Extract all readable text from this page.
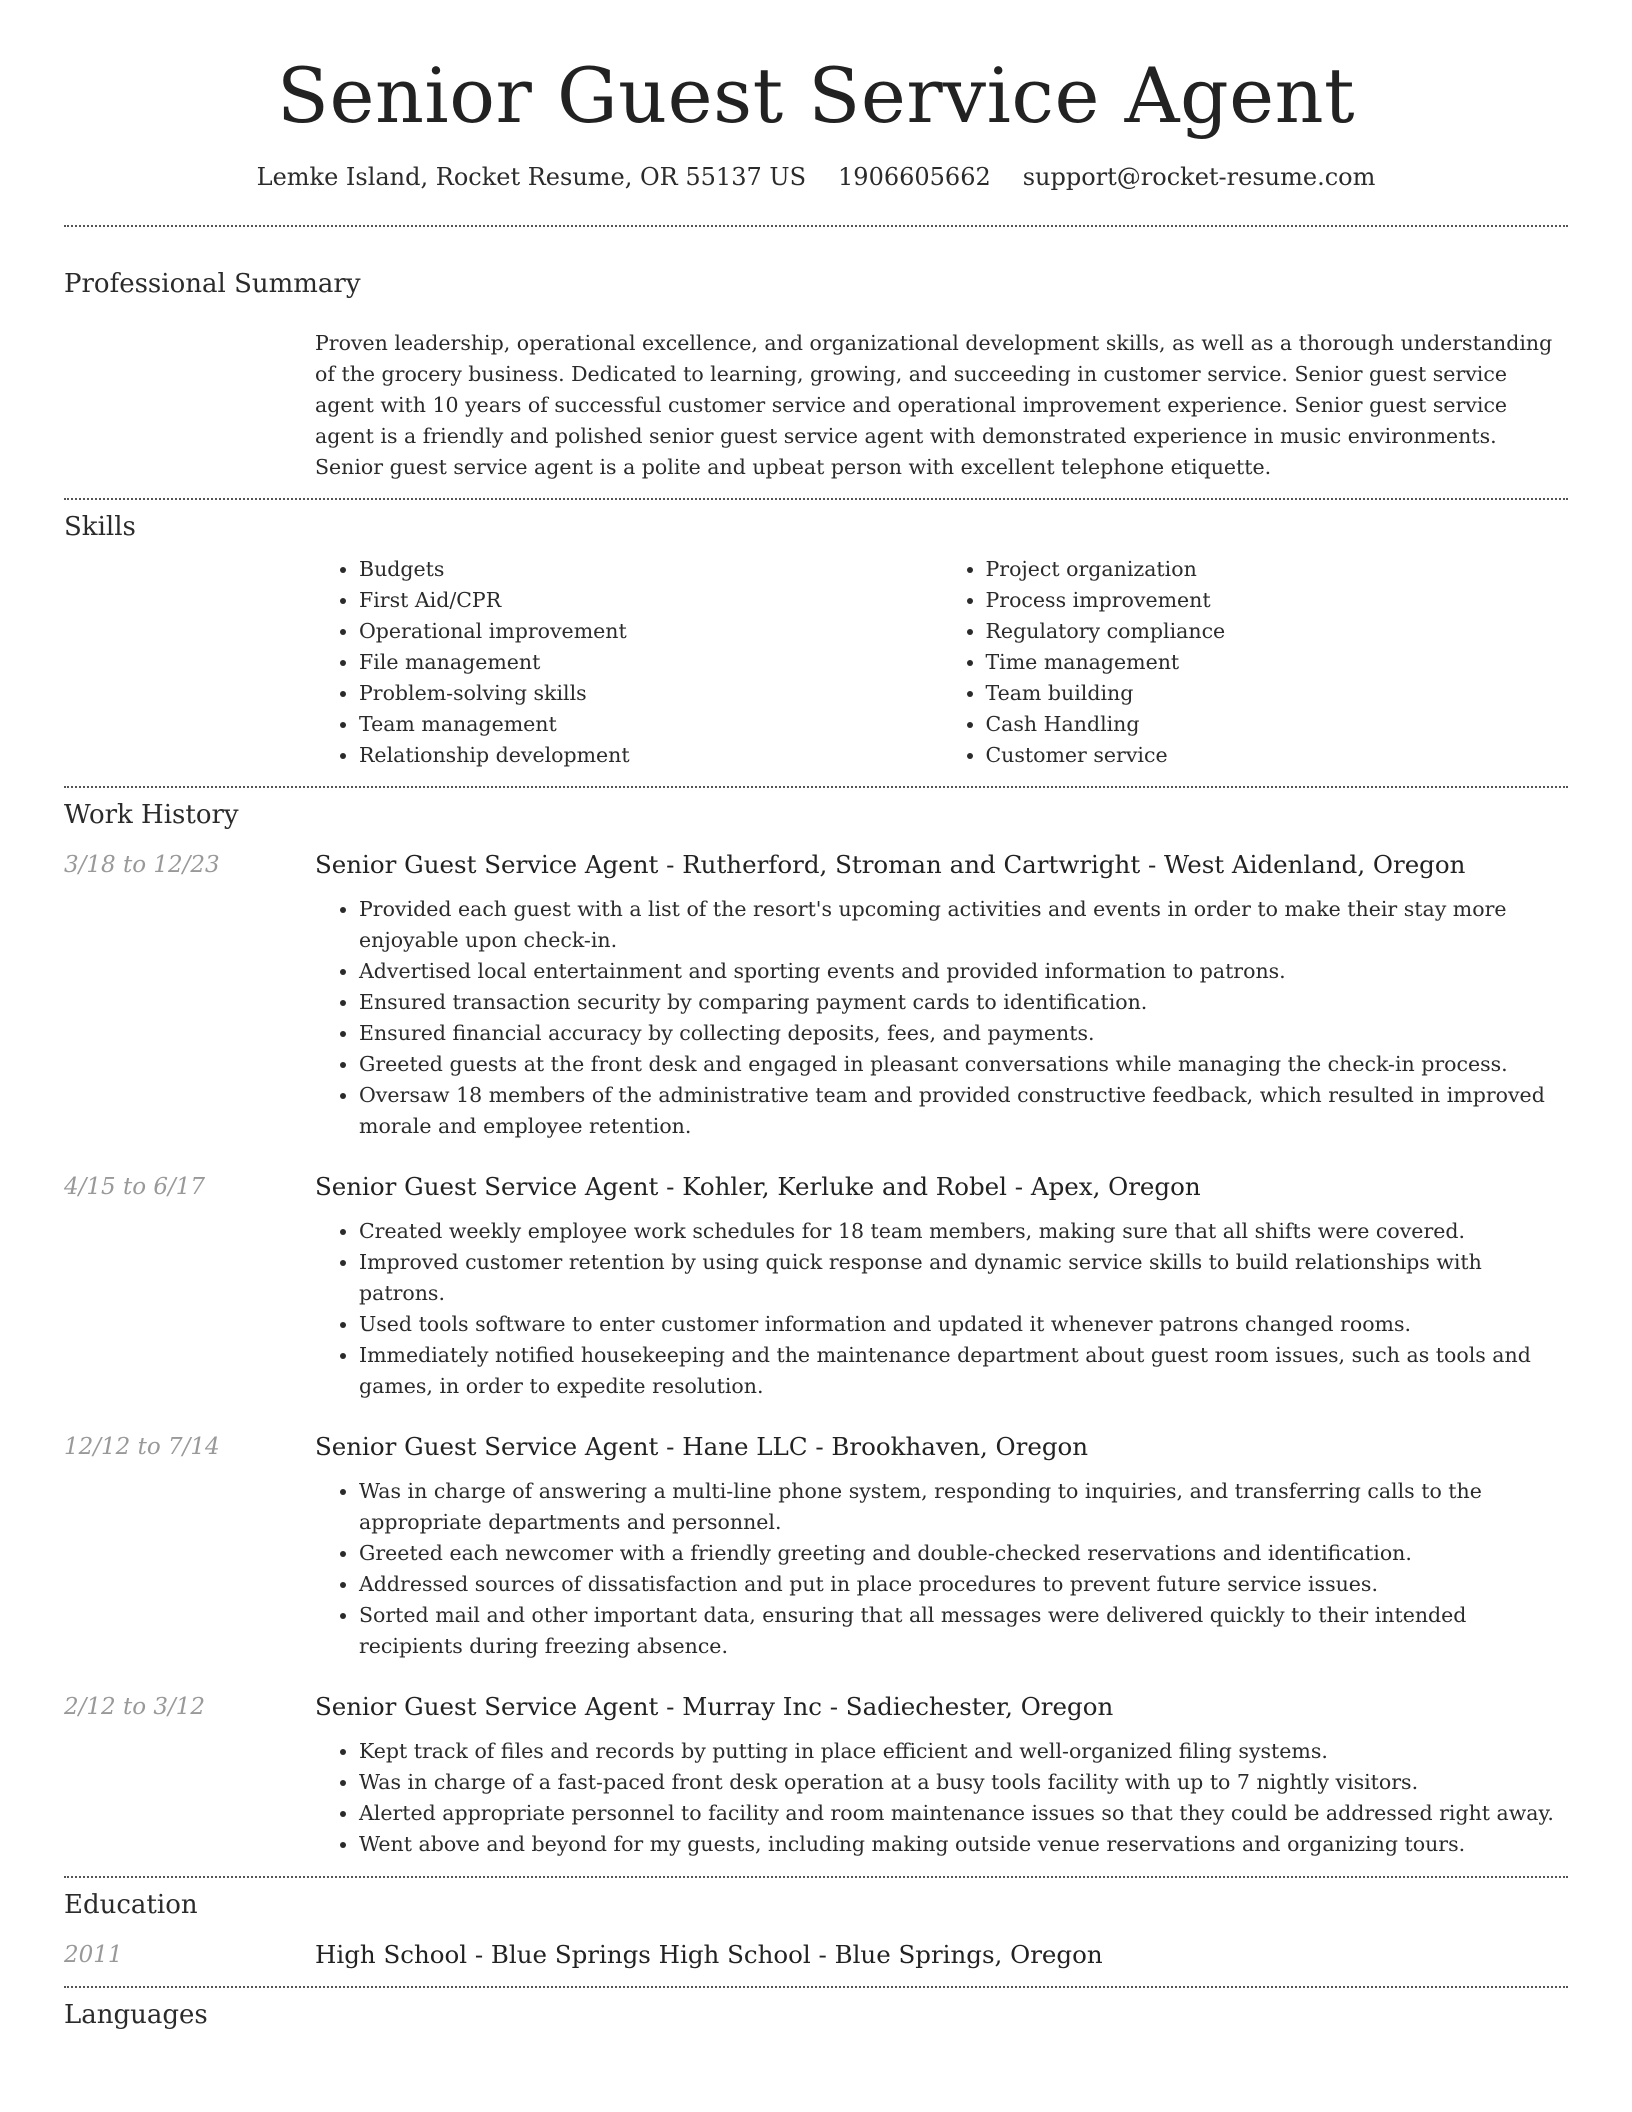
Senior Guest Service Agent
Lemke Island, Rocket Resume, OR 55137 US 1906605662 support@rocket-resume.com
Professional Summary

Proven leadership, operational excellence, and organizational development skills, as well as a thorough understanding of the grocery business. Dedicated to learning, growing, and succeeding in customer service. Senior guest service agent with 10 years of successful customer service and operational improvement experience. Senior guest service agent is a friendly and polished senior guest service agent with demonstrated experience in music environments. Senior guest service agent is a polite and upbeat person with excellent telephone etiquette.

Skills
• Budgets
• First Aid/CPR
• Operational improvement
• File management
• Problem-solving skills
• Team management
• Relationship development
• Project organization
• Process improvement
• Regulatory compliance
• Time management
• Team building
• Cash Handling
• Customer service
Work History
3/18 to 12/23	Senior Guest Service Agent - Rutherford, Stroman and Cartwright - West Aidenland, Oregon
• Provided each guest with a list of the resort's upcoming activities and events in order to make their stay more enjoyable upon check-in.
• Advertised local entertainment and sporting events and provided information to patrons.
• Ensured transaction security by comparing payment cards to identification.
• Ensured financial accuracy by collecting deposits, fees, and payments.
• Greeted guests at the front desk and engaged in pleasant conversations while managing the check-in process.
• Oversaw 18 members of the administrative team and provided constructive feedback, which resulted in improved morale and employee retention.
4/15 to 6/17	Senior Guest Service Agent - Kohler, Kerluke and Robel - Apex, Oregon
• Created weekly employee work schedules for 18 team members, making sure that all shifts were covered.
• Improved customer retention by using quick response and dynamic service skills to build relationships with patrons.
• Used tools software to enter customer information and updated it whenever patrons changed rooms.
• Immediately notified housekeeping and the maintenance department about guest room issues, such as tools and games, in order to expedite resolution.
12/12 to 7/14	Senior Guest Service Agent - Hane LLC - Brookhaven, Oregon
• Was in charge of answering a multi-line phone system, responding to inquiries, and transferring calls to the appropriate departments and personnel.
• Greeted each newcomer with a friendly greeting and double-checked reservations and identification.
• Addressed sources of dissatisfaction and put in place procedures to prevent future service issues.
• Sorted mail and other important data, ensuring that all messages were delivered quickly to their intended recipients during freezing absence.
2/12 to 3/12	Senior Guest Service Agent - Murray Inc - Sadiechester, Oregon
• Kept track of files and records by putting in place efficient and well-organized filing systems.
• Was in charge of a fast-paced front desk operation at a busy tools facility with up to 7 nightly visitors.
• Alerted appropriate personnel to facility and room maintenance issues so that they could be addressed right away.
• Went above and beyond for my guests, including making outside venue reservations and organizing tours.
Education
2011	High School - Blue Springs High School - Blue Springs, Oregon
Languages
